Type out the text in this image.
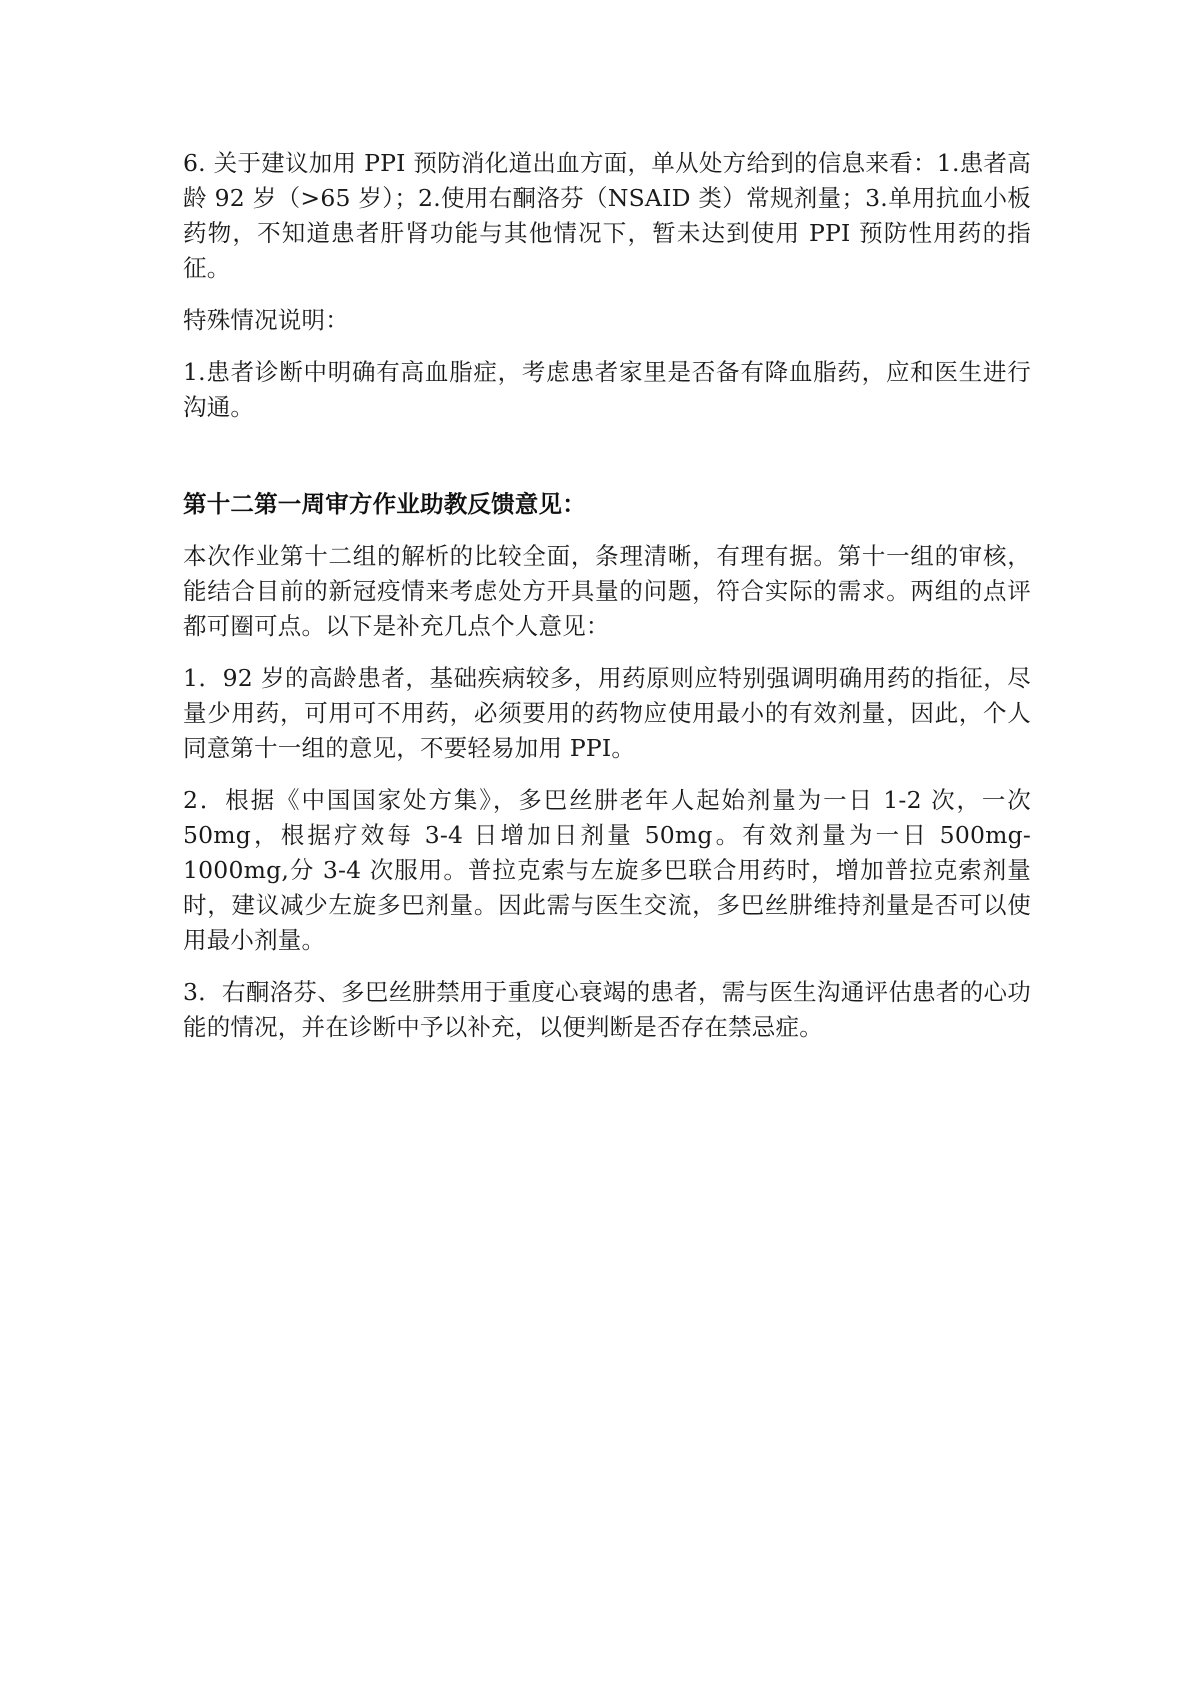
6. 关于建议加用 PPI 预防消化道出血方面，单从处方给到的信息来看：1.患者高龄 92 岁（>65 岁）；2.使用右酮洛芬（NSAID 类）常规剂量；3.单用抗血小板药物，不知道患者肝肾功能与其他情况下，暂未达到使用 PPI 预防性用药的指征。

特殊情况说明：

1.患者诊断中明确有高血脂症，考虑患者家里是否备有降血脂药，应和医生进行沟通。

第十二第一周审方作业助教反馈意见：

本次作业第十二组的解析的比较全面，条理清晰，有理有据。第十一组的审核，能结合目前的新冠疫情来考虑处方开具量的问题，符合实际的需求。两组的点评都可圈可点。以下是补充几点个人意见：

1．92 岁的高龄患者，基础疾病较多，用药原则应特别强调明确用药的指征，尽量少用药，可用可不用药，必须要用的药物应使用最小的有效剂量，因此，个人同意第十一组的意见，不要轻易加用 PPI。

2．根据《中国国家处方集》，多巴丝肼老年人起始剂量为一日 1-2 次，一次 50mg，根据疗效每 3-4 日增加日剂量 50mg。有效剂量为一日 500mg-1000mg,分 3-4 次服用。普拉克索与左旋多巴联合用药时，增加普拉克索剂量时，建议减少左旋多巴剂量。因此需与医生交流，多巴丝肼维持剂量是否可以使用最小剂量。

3．右酮洛芬、多巴丝肼禁用于重度心衰竭的患者，需与医生沟通评估患者的心功能的情况，并在诊断中予以补充，以便判断是否存在禁忌症。
